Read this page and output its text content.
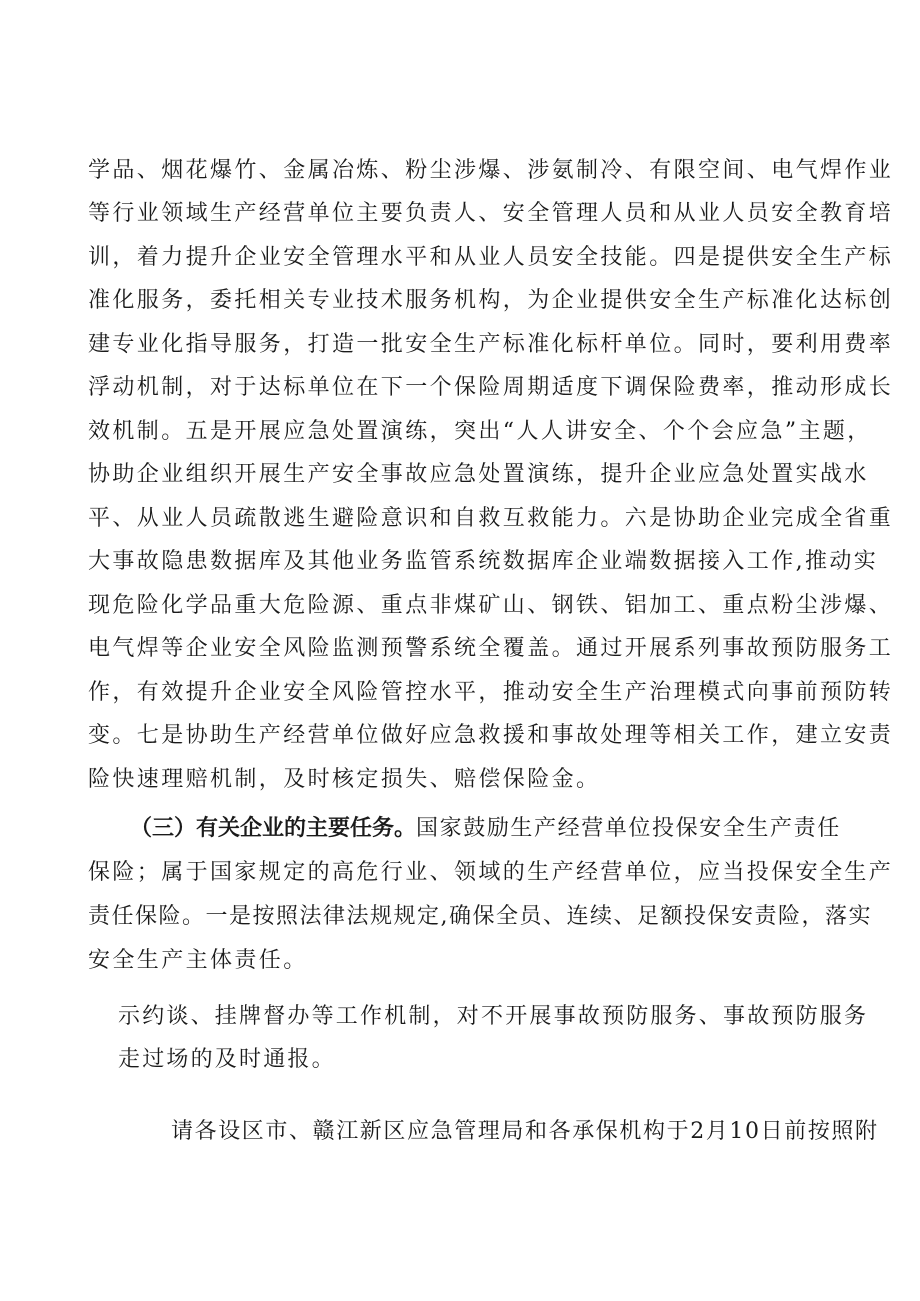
学品、烟花爆竹、金属冶炼、粉尘涉爆、涉氨制冷、有限空间、电气焊作业
等行业领域生产经营单位主要负责人、安全管理人员和从业人员安全教育培
训，着力提升企业安全管理水平和从业人员安全技能。四是提供安全生产标
准化服务，委托相关专业技术服务机构，为企业提供安全生产标准化达标创
建专业化指导服务，打造一批安全生产标准化标杆单位。同时，要利用费率
浮动机制，对于达标单位在下一个保险周期适度下调保险费率，推动形成长
效机制。五是开展应急处置演练，突出“人人讲安全、个个会应急”主题，
协助企业组织开展生产安全事故应急处置演练，提升企业应急处置实战水
平、从业人员疏散逃生避险意识和自救互救能力。六是协助企业完成全省重
大事故隐患数据库及其他业务监管系统数据库企业端数据接入工作,推动实
现危险化学品重大危险源、重点非煤矿山、钢铁、铝加工、重点粉尘涉爆、
电气焊等企业安全风险监测预警系统全覆盖。通过开展系列事故预防服务工
作，有效提升企业安全风险管控水平，推动安全生产治理模式向事前预防转
变。七是协助生产经营单位做好应急救援和事故处理等相关工作，建立安责
险快速理赔机制，及时核定损失、赔偿保险金。
（三）有关企业的主要任务。国家鼓励生产经营单位投保安全生产责任
保险；属于国家规定的高危行业、领域的生产经营单位，应当投保安全生产
责任保险。一是按照法律法规规定,确保全员、连续、足额投保安责险，落实
安全生产主体责任。
示约谈、挂牌督办等工作机制，对不开展事故预防服务、事故预防服务
走过场的及时通报。
请各设区市、赣江新区应急管理局和各承保机构于2月10日前按照附
